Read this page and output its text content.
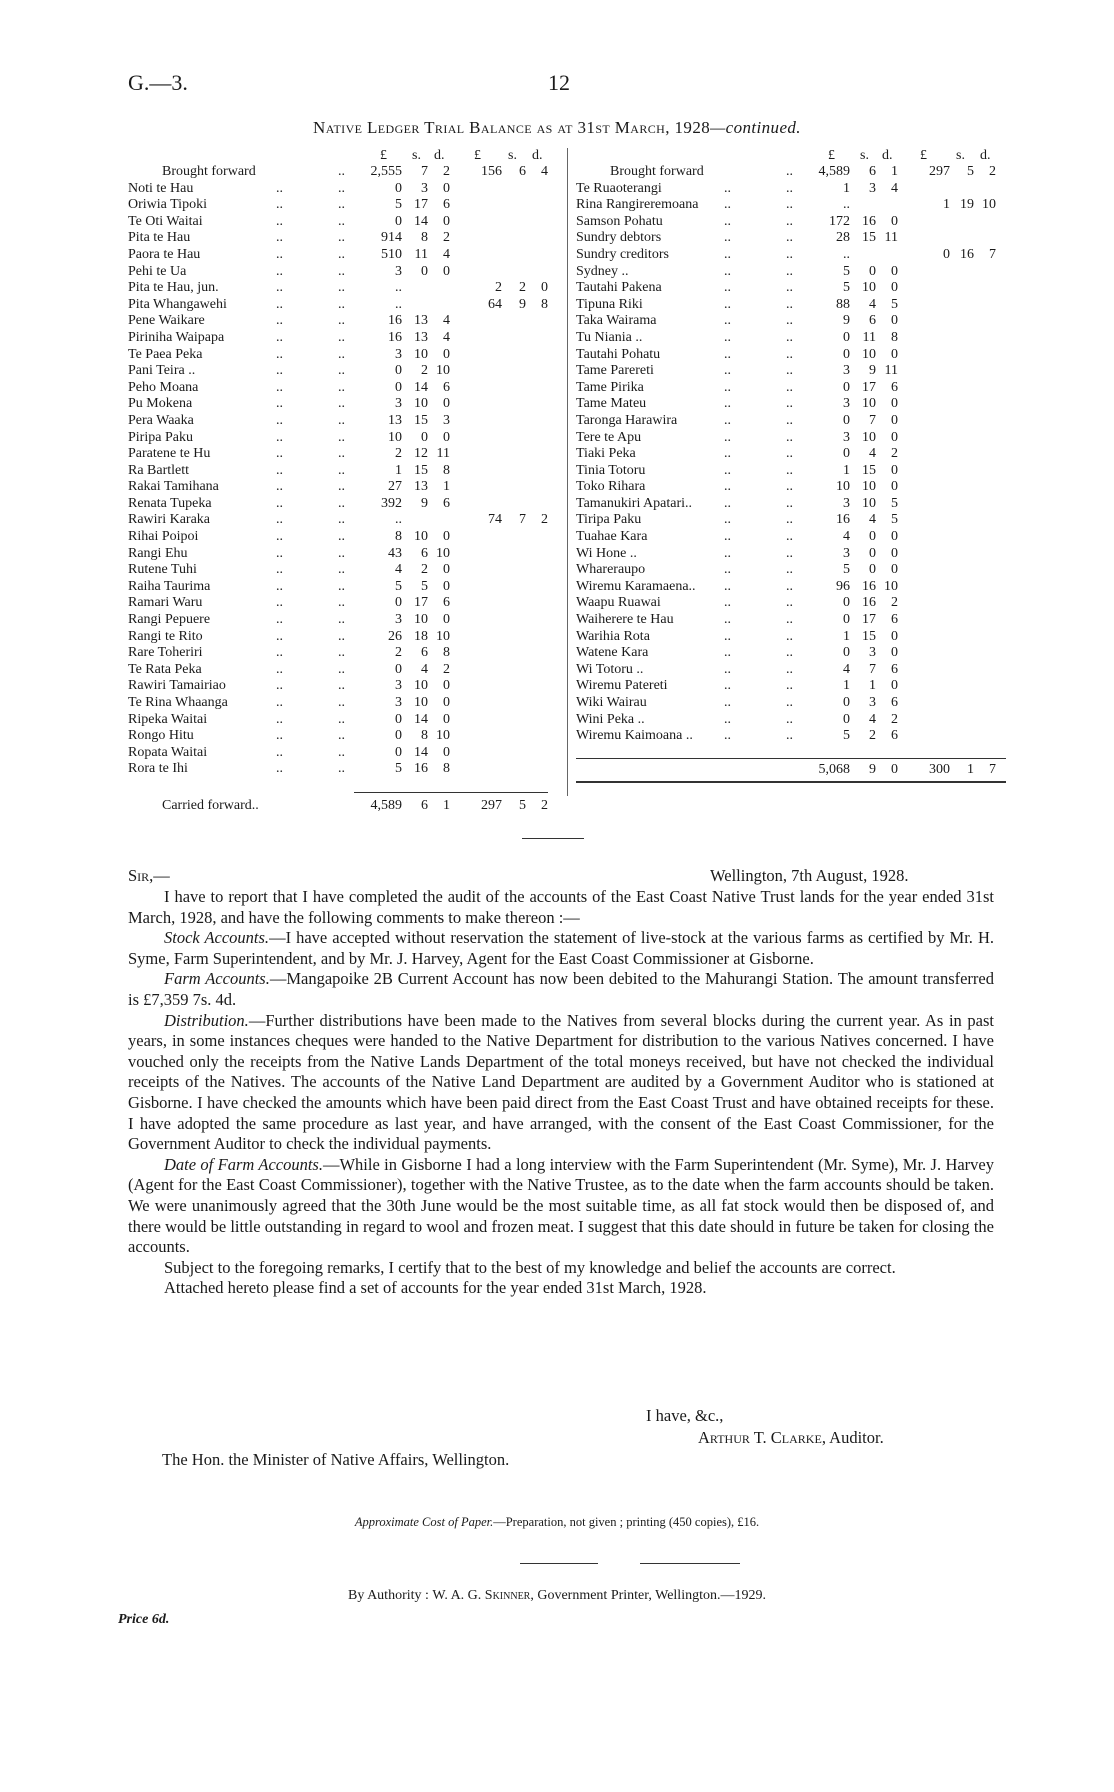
G.—3.	12
Native Ledger Trial Balance as at 31st March, 1928—continued.
£ s. d. £ s. d.
Brought forward	..	2,555	7	2	156	6	4
Noti te Hau	..	..	0	3	0
Oriwia Tipoki	..	..	5 17	6
Te Oti Waitai	..	..	0 14	0
Pita te Hau	..	..	914	8	2
Paora te Hau	..	..	510 11	4
Pehi te Ua	..	..	3	0	0
Pita te Hau, jun.	..	..	..	2	2	0
Pita Whangawehi	..	..	..	64	9	8
Pene Waikare	..	..	16 13	4
Piriniha Waipapa	..	..	16 13	4
Te Paea Peka	..	..	3 10	0
Pani Teira ..	..	..	0	2 10
Peho Moana	..	..	0 14	6
Pu Mokena	..	..	3 10	0
Pera Waaka	..	..	13 15	3
Piripa Paku	..	..	10	0	0
Paratene te Hu	..	..	2 12 11
Ra Bartlett	..	..	1 15	8
Rakai Tamihana	..	..	27 13	1
Renata Tupeka	..	..	392	9	6
Rawiri Karaka	..	..	..	74	7	2
Rihai Poipoi	..	..	8 10	0
Rangi Ehu	..	..	43	6 10
Rutene Tuhi	..	..	4	2	0
Raiha Taurima	..	..	5	5	0
Ramari Waru	..	..	0 17	6
Rangi Pepuere	..	..	3 10	0
Rangi te Rito	..	..	26 18 10
Rare Toheriri	..	..	2	6	8
Te Rata Peka	..	..	0	4	2
Rawiri Tamairiao	..	..	3 10	0
Te Rina Whaanga	..	..	3 10	0
Ripeka Waitai	..	..	0 14	0
Rongo Hitu	..	..	0	8 10
Ropata Waitai	..	..	0 14	0
Rora te Ihi	..	..	5 16	8
£ s. d. £ s. d.
Brought forward	..	4,589	6	1	297	5	2
Te Ruaoterangi	..	..	1	3	4
Rina Rangireremoana ..	..	..	1 19 10
Samson Pohatu	..	..	172 16	0
Sundry debtors	..	..	28 15 11
Sundry creditors	..	..	..	0 16	7
Sydney ..	..	..	5	0	0
Tautahi Pakena	..	..	5 10	0
Tipuna Riki	..	..	88	4	5
Taka Wairama	..	..	9	6	0
Tu Niania ..	..	..	0 11	8
Tautahi Pohatu	..	..	0 10	0
Tame Parereti	..	..	3	9 11
Tame Pirika	..	..	0 17	6
Tame Mateu	..	..	3 10	0
Taronga Harawira	..	..	0	7	0
Tere te Apu	..	..	3 10	0
Tiaki Peka	..	..	0	4	2
Tinia Totoru	..	..	1 15	0
Toko Rihara	..	..	10 10	0
Tamanukiri Apatari.. ..	..	3 10	5
Tiripa Paku	..	..	16	4	5
Tuahae Kara	..	..	4	0	0
Wi Hone ..	..	..	3	0	0
Whareraupo	..	..	5	0	0
Wiremu Karamaena.. ..	..	96 16 10
Waapu Ruawai	..	..	0 16	2
Waiherere te Hau	..	..	0 17	6
Warihia Rota	..	..	1 15	0
Watene Kara	..	..	0	3	0
Wi Totoru ..	..	..	4	7	6
Wiremu Patereti	..	..	1	1	0
Wiki Wairau	..	..	0	3	6
Wini Peka ..	..	..	0	4	2
Wiremu Kaimoana .. ..	..	5	2	6
5,068	9	0	300	1	7
Carried forward..	4,589	6	1	297	5	2
Sir,—	Wellington, 7th August, 1928.

I have to report that I have completed the audit of the accounts of the East Coast Native Trust lands for the year ended 31st March, 1928, and have the following comments to make thereon :—

Stock Accounts.—I have accepted without reservation the statement of live-stock at the various farms as certified by Mr. H. Syme, Farm Superintendent, and by Mr. J. Harvey, Agent for the East Coast Commissioner at Gisborne.

Farm Accounts.—Mangapoike 2B Current Account has now been debited to the Mahurangi Station. The amount transferred is £7,359 7s. 4d.

Distribution.—Further distributions have been made to the Natives from several blocks during the current year. As in past years, in some instances cheques were handed to the Native Department for distribution to the various Natives concerned. I have vouched only the receipts from the Native Lands Department of the total moneys received, but have not checked the individual receipts of the Natives. The accounts of the Native Land Department are audited by a Government Auditor who is stationed at Gisborne. I have checked the amounts which have been paid direct from the East Coast Trust and have obtained receipts for these. I have adopted the same procedure as last year, and have arranged, with the consent of the East Coast Commissioner, for the Government Auditor to check the individual payments.

Date of Farm Accounts.—While in Gisborne I had a long interview with the Farm Superintendent (Mr. Syme), Mr. J. Harvey (Agent for the East Coast Commissioner), together with the Native Trustee, as to the date when the farm accounts should be taken. We were unanimously agreed that the 30th June would be the most suitable time, as all fat stock would then be disposed of, and there would be little outstanding in regard to wool and frozen meat. I suggest that this date should in future be taken for closing the accounts.

Subject to the foregoing remarks, I certify that to the best of my knowledge and belief the accounts are correct.

Attached hereto please find a set of accounts for the year ended 31st March, 1928.

I have, &c.,
Arthur T. Clarke, Auditor.
The Hon. the Minister of Native Affairs, Wellington.
Approximate Cost of Paper.—Preparation, not given ; printing (450 copies), £16.
By Authority : W. A. G. Skinner, Government Printer, Wellington.—1929.
Price 6d.
